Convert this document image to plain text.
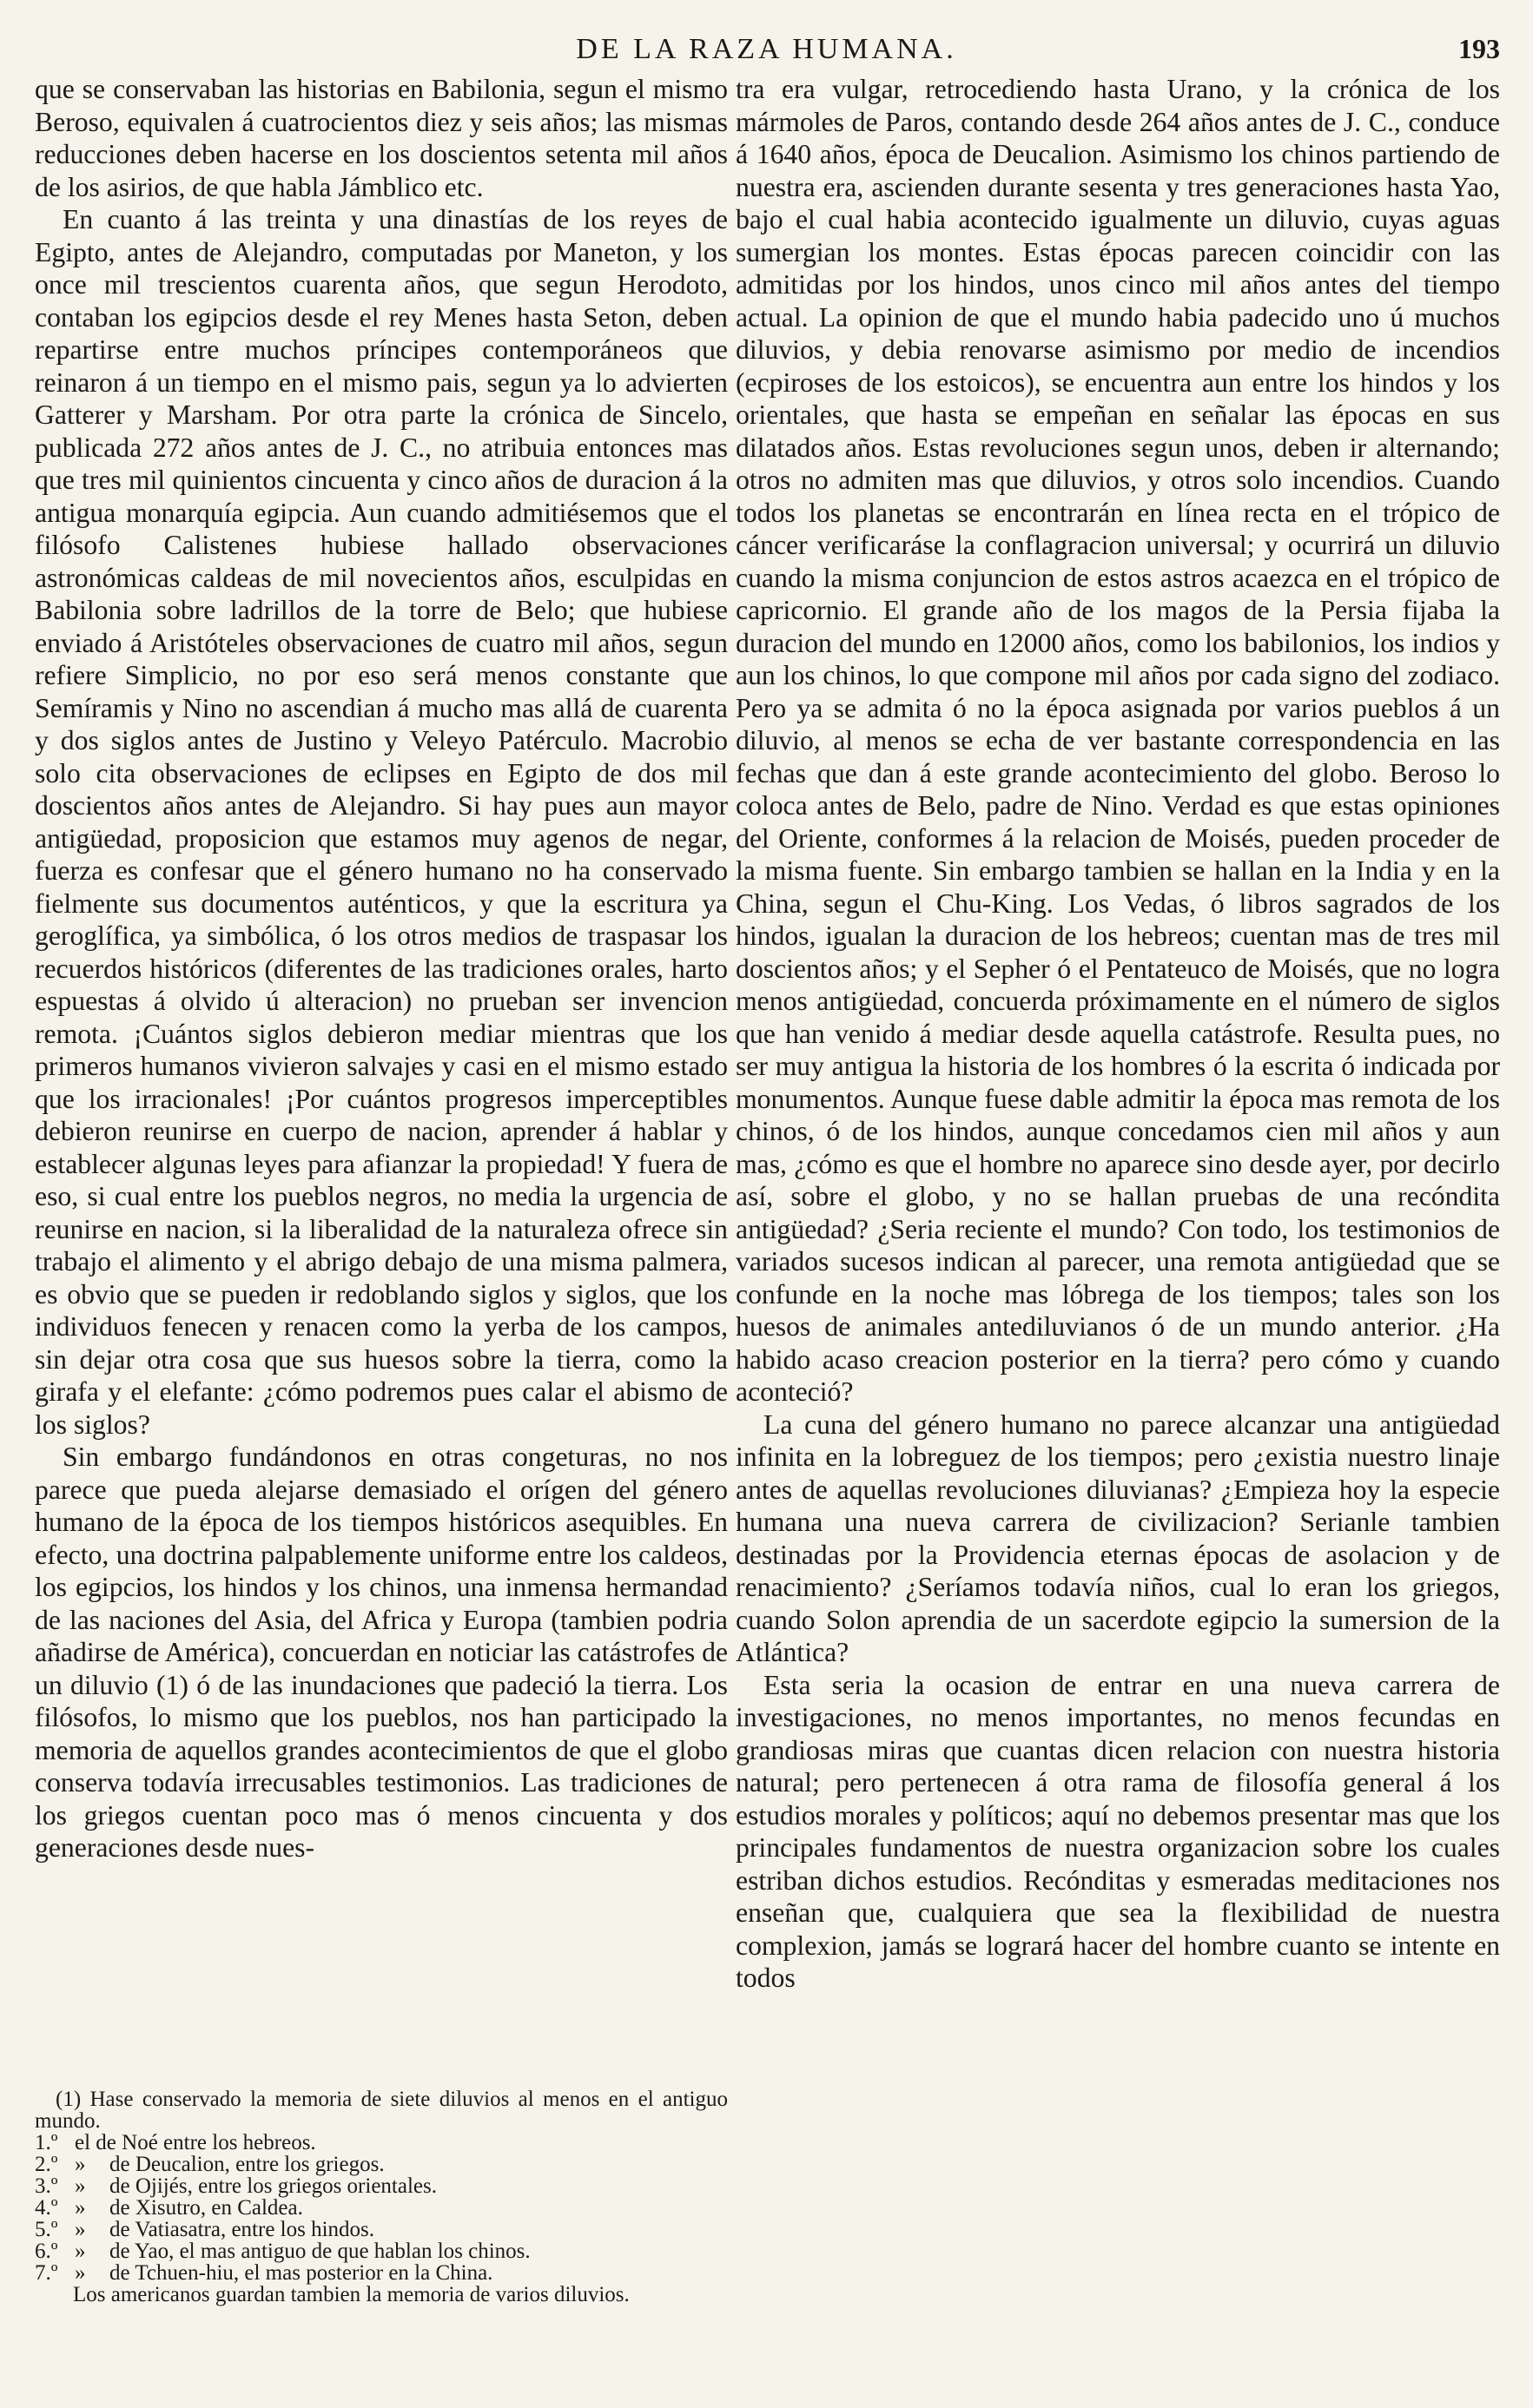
DE LA RAZA HUMANA.	193

que se conservaban las historias en Babilonia, segun el mismo Beroso, equivalen á cuatrocientos diez y seis años; las mismas reducciones deben hacerse en los doscientos setenta mil años de los asirios, de que habla Jámblico etc.

En cuanto á las treinta y una dinastías de los reyes de Egipto, antes de Alejandro, computadas por Maneton, y los once mil trescientos cuarenta años, que segun Herodoto, contaban los egipcios desde el rey Menes hasta Seton, deben repartirse entre muchos príncipes contemporáneos que reinaron á un tiempo en el mismo pais, segun ya lo advierten Gatterer y Marsham. Por otra parte la crónica de Sincelo, publicada 272 años antes de J. C., no atribuia entonces mas que tres mil quinientos cincuenta y cinco años de duracion á la antigua monarquía egipcia. Aun cuando admitiésemos que el filósofo Calistenes hubiese hallado observaciones astronómicas caldeas de mil novecientos años, esculpidas en Babilonia sobre ladrillos de la torre de Belo; que hubiese enviado á Aristóteles observaciones de cuatro mil años, segun refiere Simplicio, no por eso será menos constante que Semíramis y Nino no ascendian á mucho mas allá de cuarenta y dos siglos antes de Justino y Veleyo Patérculo. Macrobio solo cita observaciones de eclipses en Egipto de dos mil doscientos años antes de Alejandro. Si hay pues aun mayor antigüedad, proposicion que estamos muy agenos de negar, fuerza es confesar que el género humano no ha conservado fielmente sus documentos auténticos, y que la escritura ya geroglífica, ya simbólica, ó los otros medios de traspasar los recuerdos históricos (diferentes de las tradiciones orales, harto espuestas á olvido ú alteracion) no prueban ser invencion remota. ¡Cuántos siglos debieron mediar mientras que los primeros humanos vivieron salvajes y casi en el mismo estado que los irracionales! ¡Por cuántos progresos imperceptibles debieron reunirse en cuerpo de nacion, aprender á hablar y establecer algunas leyes para afianzar la propiedad! Y fuera de eso, si cual entre los pueblos negros, no media la urgencia de reunirse en nacion, si la liberalidad de la naturaleza ofrece sin trabajo el alimento y el abrigo debajo de una misma palmera, es obvio que se pueden ir redoblando siglos y siglos, que los individuos fenecen y renacen como la yerba de los campos, sin dejar otra cosa que sus huesos sobre la tierra, como la girafa y el elefante: ¿cómo podremos pues calar el abismo de los siglos?

Sin embargo fundándonos en otras congeturas, no nos parece que pueda alejarse demasiado el orígen del género humano de la época de los tiempos históricos asequibles. En efecto, una doctrina palpablemente uniforme entre los caldeos, los egipcios, los hindos y los chinos, una inmensa hermandad de las naciones del Asia, del Africa y Europa (tambien podria añadirse de América), concuerdan en noticiar las catástrofes de un diluvio (1) ó de las inundaciones que padeció la tierra. Los filósofos, lo mismo que los pueblos, nos han participado la memoria de aquellos grandes acontecimientos de que el globo conserva todavía irrecusables testimonios. Las tradiciones de los griegos cuentan poco mas ó menos cincuenta y dos generaciones desde nues-

tra era vulgar, retrocediendo hasta Urano, y la crónica de los mármoles de Paros, contando desde 264 años antes de J. C., conduce á 1640 años, época de Deucalion. Asimismo los chinos partiendo de nuestra era, ascienden durante sesenta y tres generaciones hasta Yao, bajo el cual habia acontecido igualmente un diluvio, cuyas aguas sumergian los montes. Estas épocas parecen coincidir con las admitidas por los hindos, unos cinco mil años antes del tiempo actual. La opinion de que el mundo habia padecido uno ú muchos diluvios, y debia renovarse asimismo por medio de incendios (ecpiroses de los estoicos), se encuentra aun entre los hindos y los orientales, que hasta se empeñan en señalar las épocas en sus dilatados años. Estas revoluciones segun unos, deben ir alternando; otros no admiten mas que diluvios, y otros solo incendios. Cuando todos los planetas se encontrarán en línea recta en el trópico de cáncer verificaráse la conflagracion universal; y ocurrirá un diluvio cuando la misma conjuncion de estos astros acaezca en el trópico de capricornio. El grande año de los magos de la Persia fijaba la duracion del mundo en 12000 años, como los babilonios, los indios y aun los chinos, lo que compone mil años por cada signo del zodiaco. Pero ya se admita ó no la época asignada por varios pueblos á un diluvio, al menos se echa de ver bastante correspondencia en las fechas que dan á este grande acontecimiento del globo. Beroso lo coloca antes de Belo, padre de Nino. Verdad es que estas opiniones del Oriente, conformes á la relacion de Moisés, pueden proceder de la misma fuente. Sin embargo tambien se hallan en la India y en la China, segun el Chu-King. Los Vedas, ó libros sagrados de los hindos, igualan la duracion de los hebreos; cuentan mas de tres mil doscientos años; y el Sepher ó el Pentateuco de Moisés, que no logra menos antigüedad, concuerda próximamente en el número de siglos que han venido á mediar desde aquella catástrofe. Resulta pues, no ser muy antigua la historia de los hombres ó la escrita ó indicada por monumentos. Aunque fuese dable admitir la época mas remota de los chinos, ó de los hindos, aunque concedamos cien mil años y aun mas, ¿cómo es que el hombre no aparece sino desde ayer, por decirlo así, sobre el globo, y no se hallan pruebas de una recóndita antigüedad? ¿Seria reciente el mundo? Con todo, los testimonios de variados sucesos indican al parecer, una remota antigüedad que se confunde en la noche mas lóbrega de los tiempos; tales son los huesos de animales antediluvianos ó de un mundo anterior. ¿Ha habido acaso creacion posterior en la tierra? pero cómo y cuando aconteció?

La cuna del género humano no parece alcanzar una antigüedad infinita en la lobreguez de los tiempos; pero ¿existia nuestro linaje antes de aquellas revoluciones diluvianas? ¿Empieza hoy la especie humana una nueva carrera de civilizacion? Serianle tambien destinadas por la Providencia eternas épocas de asolacion y de renacimiento? ¿Seríamos todavía niños, cual lo eran los griegos, cuando Solon aprendia de un sacerdote egipcio la sumersion de la Atlántica?

Esta seria la ocasion de entrar en una nueva carrera de investigaciones, no menos importantes, no menos fecundas en grandiosas miras que cuantas dicen relacion con nuestra historia natural; pero pertenecen á otra rama de filosofía general á los estudios morales y políticos; aquí no debemos presentar mas que los principales fundamentos de nuestra organizacion sobre los cuales estriban dichos estudios. Recónditas y esmeradas meditaciones nos enseñan que, cualquiera que sea la flexibilidad de nuestra complexion, jamás se logrará hacer del hombre cuanto se intente en todos

(1) Hase conservado la memoria de siete diluvios al menos en el antiguo mundo.

1.º el de Noé entre los hebreos.

2.º » de Deucalion, entre los griegos.

3.º » de Ojijés, entre los griegos orientales.

4.º » de Xisutro, en Caldea.

5.º » de Vatiasatra, entre los hindos.

6.º » de Yao, el mas antiguo de que hablan los chinos.

7.º » de Tchuen-hiu, el mas posterior en la China.

Los americanos guardan tambien la memoria de varios diluvios.
